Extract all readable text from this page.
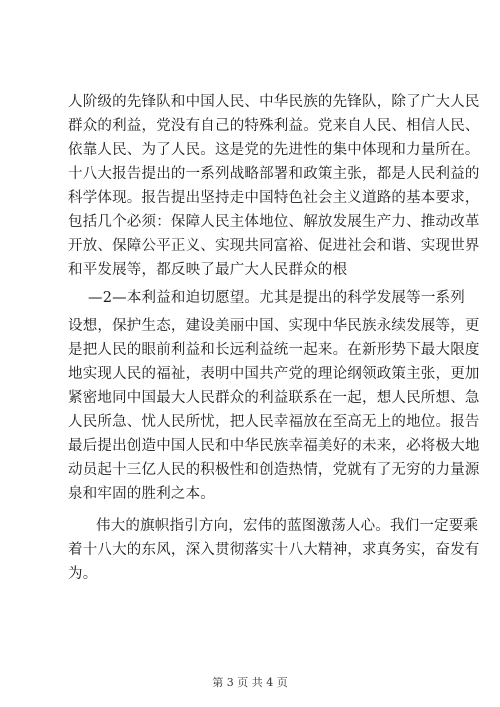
人阶级的先锋队和中国人民、中华民族的先锋队，除了广大人民
群众的利益，党没有自己的特殊利益。党来自人民、相信人民、
依靠人民、为了人民。这是党的先进性的集中体现和力量所在。
十八大报告提出的一系列战略部署和政策主张，都是人民利益的
科学体现。报告提出坚持走中国特色社会主义道路的基本要求，
包括几个必须：保障人民主体地位、解放发展生产力、推动改革
开放、保障公平正义、实现共同富裕、促进社会和谐、实现世界
和平发展等，都反映了最广大人民群众的根
—2—本利益和迫切愿望。尤其是提出的科学发展等一系列
设想，保护生态，建设美丽中国、实现中华民族永续发展等，更
是把人民的眼前利益和长远利益统一起来。在新形势下最大限度
地实现人民的福祉，表明中国共产党的理论纲领政策主张，更加
紧密地同中国最大人民群众的利益联系在一起，想人民所想、急
人民所急、忧人民所忧，把人民幸福放在至高无上的地位。报告
最后提出创造中国人民和中华民族幸福美好的未来，必将极大地
动员起十三亿人民的积极性和创造热情，党就有了无穷的力量源
泉和牢固的胜利之本。
伟大的旗帜指引方向，宏伟的蓝图激荡人心。我们一定要乘
着十八大的东风，深入贯彻落实十八大精神，求真务实，奋发有
为。
第 3 页 共 4 页
